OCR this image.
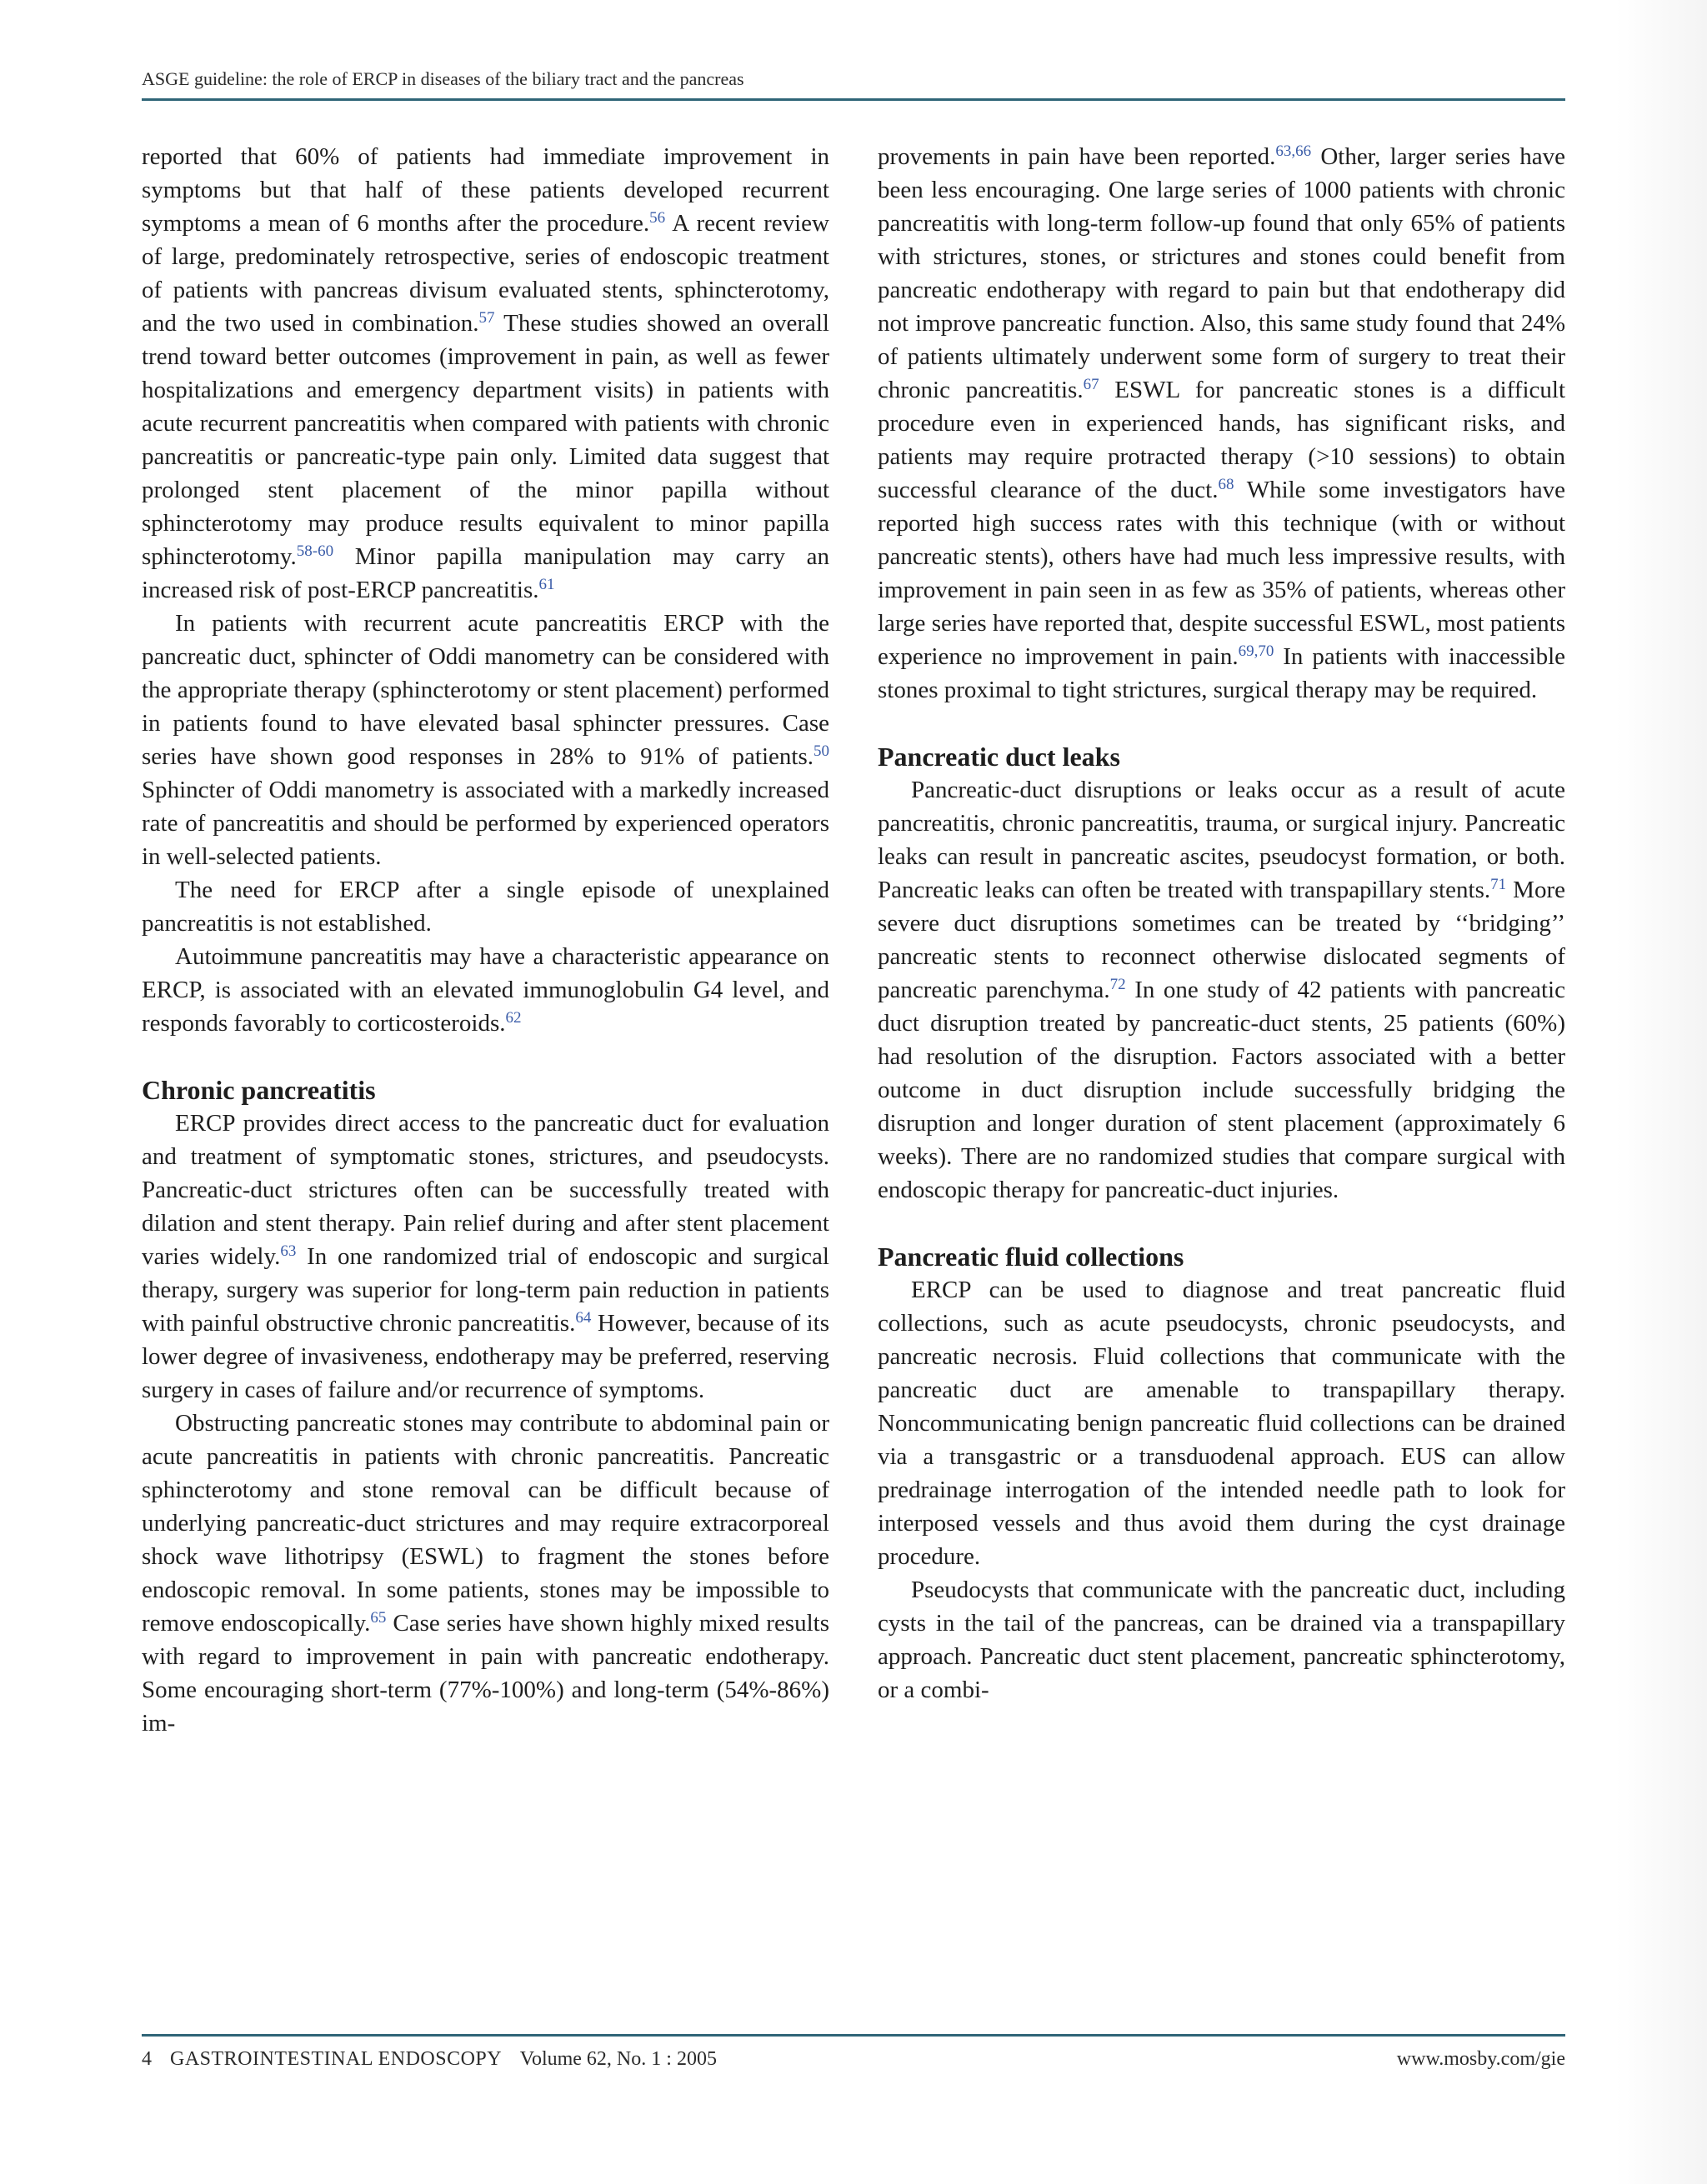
ASGE guideline: the role of ERCP in diseases of the biliary tract and the pancreas

reported that 60% of patients had immediate improvement in symptoms but that half of these patients developed recurrent symptoms a mean of 6 months after the procedure.$^{56}$ A recent review of large, predominately retrospective, series of endoscopic treatment of patients with pancreas divisum evaluated stents, sphincterotomy, and the two used in combination.$^{57}$ These studies showed an overall trend toward better outcomes (improvement in pain, as well as fewer hospitalizations and emergency department visits) in patients with acute recurrent pancreatitis when compared with patients with chronic pancreatitis or pancreatic-type pain only. Limited data suggest that prolonged stent placement of the minor papilla without sphincterotomy may produce results equivalent to minor papilla sphincterotomy.$^{58-60}$ Minor papilla manipulation may carry an increased risk of post-ERCP pancreatitis.$^{61}$

In patients with recurrent acute pancreatitis ERCP with the pancreatic duct, sphincter of Oddi manometry can be considered with the appropriate therapy (sphincterotomy or stent placement) performed in patients found to have elevated basal sphincter pressures. Case series have shown good responses in 28% to 91% of patients.$^{50}$ Sphincter of Oddi manometry is associated with a markedly increased rate of pancreatitis and should be performed by experienced operators in well-selected patients.

The need for ERCP after a single episode of unexplained pancreatitis is not established.

Autoimmune pancreatitis may have a characteristic appearance on ERCP, is associated with an elevated immunoglobulin G4 level, and responds favorably to corticosteroids.$^{62}$

Chronic pancreatitis

ERCP provides direct access to the pancreatic duct for evaluation and treatment of symptomatic stones, strictures, and pseudocysts. Pancreatic-duct strictures often can be successfully treated with dilation and stent therapy. Pain relief during and after stent placement varies widely.$^{63}$ In one randomized trial of endoscopic and surgical therapy, surgery was superior for long-term pain reduction in patients with painful obstructive chronic pancreatitis.$^{64}$ However, because of its lower degree of invasiveness, endotherapy may be preferred, reserving surgery in cases of failure and/or recurrence of symptoms.

Obstructing pancreatic stones may contribute to abdominal pain or acute pancreatitis in patients with chronic pancreatitis. Pancreatic sphincterotomy and stone removal can be difficult because of underlying pancreatic-duct strictures and may require extracorporeal shock wave lithotripsy (ESWL) to fragment the stones before endoscopic removal. In some patients, stones may be impossible to remove endoscopically.$^{65}$ Case series have shown highly mixed results with regard to improvement in pain with pancreatic endotherapy. Some encouraging short-term (77%-100%) and long-term (54%-86%) im-

provements in pain have been reported.$^{63,66}$ Other, larger series have been less encouraging. One large series of 1000 patients with chronic pancreatitis with long-term follow-up found that only 65% of patients with strictures, stones, or strictures and stones could benefit from pancreatic endotherapy with regard to pain but that endotherapy did not improve pancreatic function. Also, this same study found that 24% of patients ultimately underwent some form of surgery to treat their chronic pancreatitis.$^{67}$ ESWL for pancreatic stones is a difficult procedure even in experienced hands, has significant risks, and patients may require protracted therapy (>10 sessions) to obtain successful clearance of the duct.$^{68}$ While some investigators have reported high success rates with this technique (with or without pancreatic stents), others have had much less impressive results, with improvement in pain seen in as few as 35% of patients, whereas other large series have reported that, despite successful ESWL, most patients experience no improvement in pain.$^{69,70}$ In patients with inaccessible stones proximal to tight strictures, surgical therapy may be required.

Pancreatic duct leaks

Pancreatic-duct disruptions or leaks occur as a result of acute pancreatitis, chronic pancreatitis, trauma, or surgical injury. Pancreatic leaks can result in pancreatic ascites, pseudocyst formation, or both. Pancreatic leaks can often be treated with transpapillary stents.$^{71}$ More severe duct disruptions sometimes can be treated by ‘‘bridging’’ pancreatic stents to reconnect otherwise dislocated segments of pancreatic parenchyma.$^{72}$ In one study of 42 patients with pancreatic duct disruption treated by pancreatic-duct stents, 25 patients (60%) had resolution of the disruption. Factors associated with a better outcome in duct disruption include successfully bridging the disruption and longer duration of stent placement (approximately 6 weeks). There are no randomized studies that compare surgical with endoscopic therapy for pancreatic-duct injuries.

Pancreatic fluid collections

ERCP can be used to diagnose and treat pancreatic fluid collections, such as acute pseudocysts, chronic pseudocysts, and pancreatic necrosis. Fluid collections that communicate with the pancreatic duct are amenable to transpapillary therapy. Noncommunicating benign pancreatic fluid collections can be drained via a transgastric or a transduodenal approach. EUS can allow predrainage interrogation of the intended needle path to look for interposed vessels and thus avoid them during the cyst drainage procedure.

Pseudocysts that communicate with the pancreatic duct, including cysts in the tail of the pancreas, can be drained via a transpapillary approach. Pancreatic duct stent placement, pancreatic sphincterotomy, or a combi-

4 GASTROINTESTINAL ENDOSCOPY Volume 62, No. 1 : 2005	www.mosby.com/gie
